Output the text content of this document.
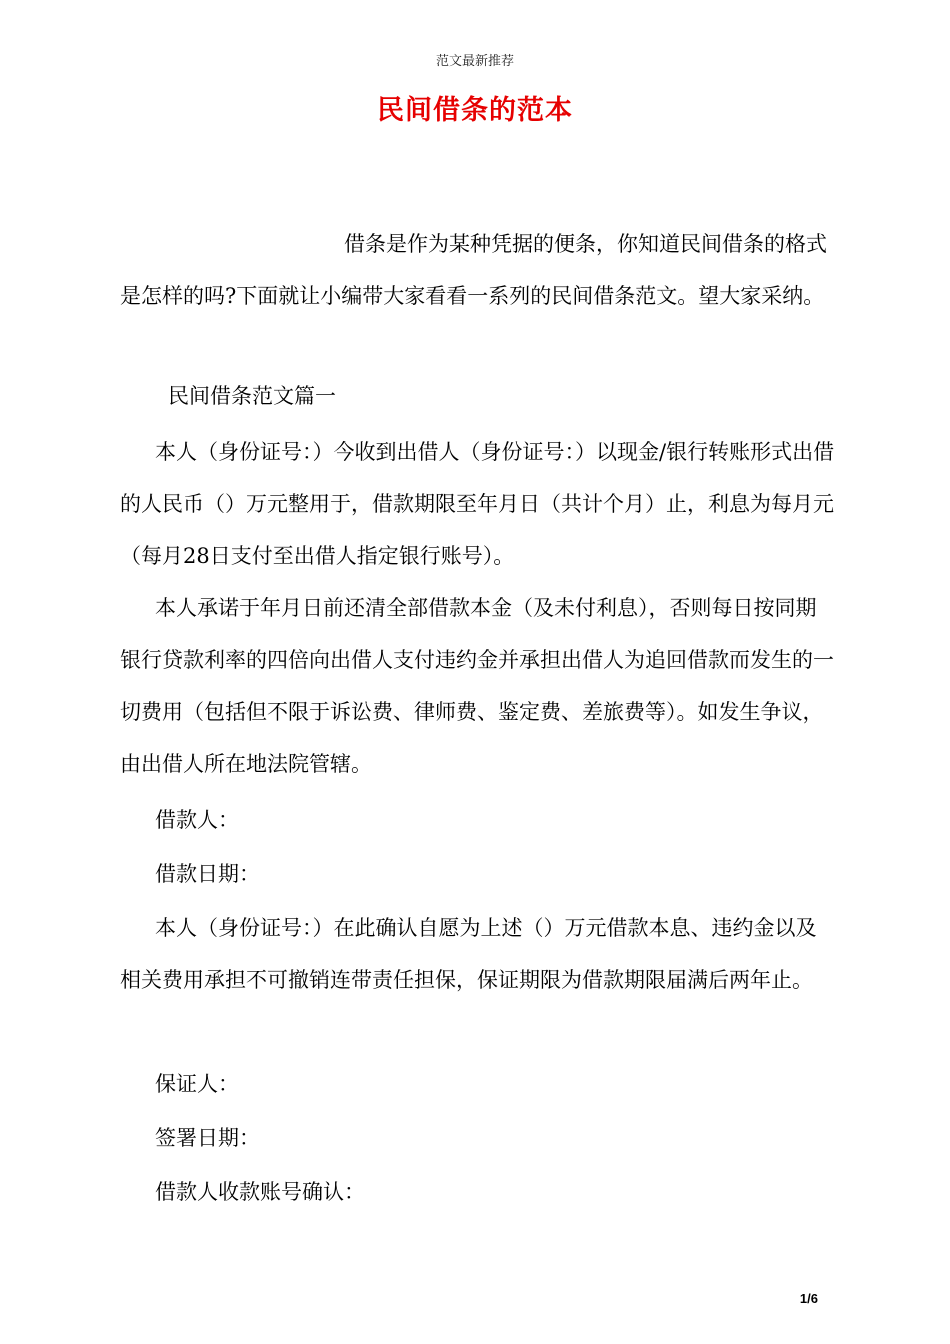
范文最新推荐
民间借条的范本

借条是作为某种凭据的便条，你知道民间借条的格式是怎样的吗?下面就让小编带大家看看一系列的民间借条范文。望大家采纳。

民间借条范文篇一

本人（身份证号：）今收到出借人（身份证号：）以现金/银行转账形式出借的人民币（）万元整用于，借款期限至年月日（共计个月）止，利息为每月元（每月28日支付至出借人指定银行账号）。

本人承诺于年月日前还清全部借款本金（及未付利息），否则每日按同期银行贷款利率的四倍向出借人支付违约金并承担出借人为追回借款而发生的一切费用（包括但不限于诉讼费、律师费、鉴定费、差旅费等）。如发生争议，由出借人所在地法院管辖。

借款人：

借款日期：

本人（身份证号：）在此确认自愿为上述（）万元借款本息、违约金以及相关费用承担不可撤销连带责任担保，保证期限为借款期限届满后两年止。

保证人：

签署日期：

借款人收款账号确认：

1/6
